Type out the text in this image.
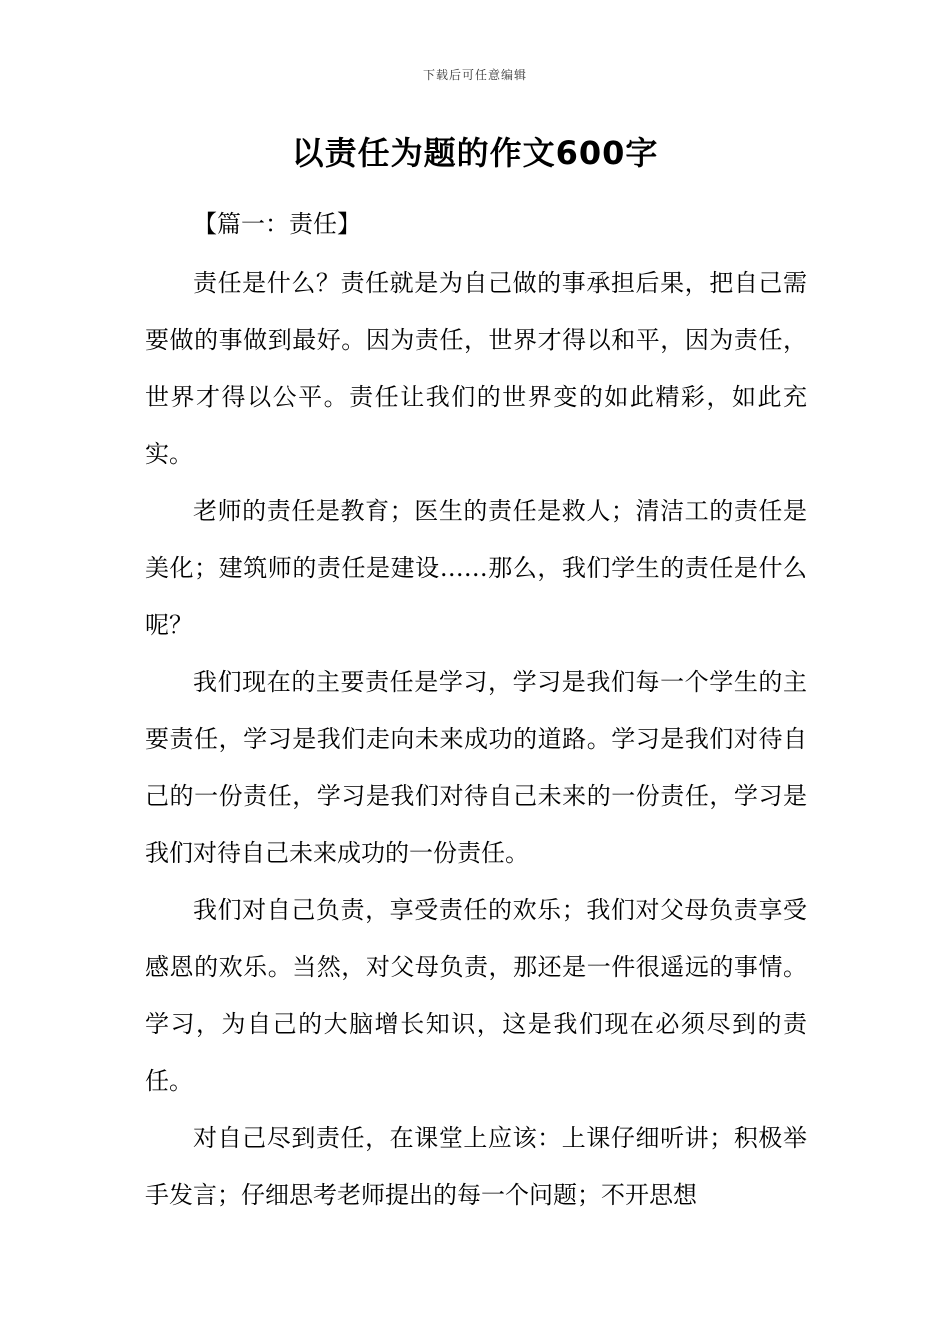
下载后可任意编辑
以责任为题的作文600字
【篇一：责任】

责任是什么？责任就是为自己做的事承担后果，把自己需要做的事做到最好。因为责任，世界才得以和平，因为责任，世界才得以公平。责任让我们的世界变的如此精彩，如此充实。

老师的责任是教育；医生的责任是救人；清洁工的责任是美化；建筑师的责任是建设……那么，我们学生的责任是什么呢？

我们现在的主要责任是学习，学习是我们每一个学生的主要责任，学习是我们走向未来成功的道路。学习是我们对待自己的一份责任，学习是我们对待自己未来的一份责任，学习是我们对待自己未来成功的一份责任。

我们对自己负责，享受责任的欢乐；我们对父母负责享受感恩的欢乐。当然，对父母负责，那还是一件很遥远的事情。学习，为自己的大脑增长知识，这是我们现在必须尽到的责任。

对自己尽到责任，在课堂上应该：上课仔细听讲；积极举手发言；仔细思考老师提出的每一个问题；不开思想
